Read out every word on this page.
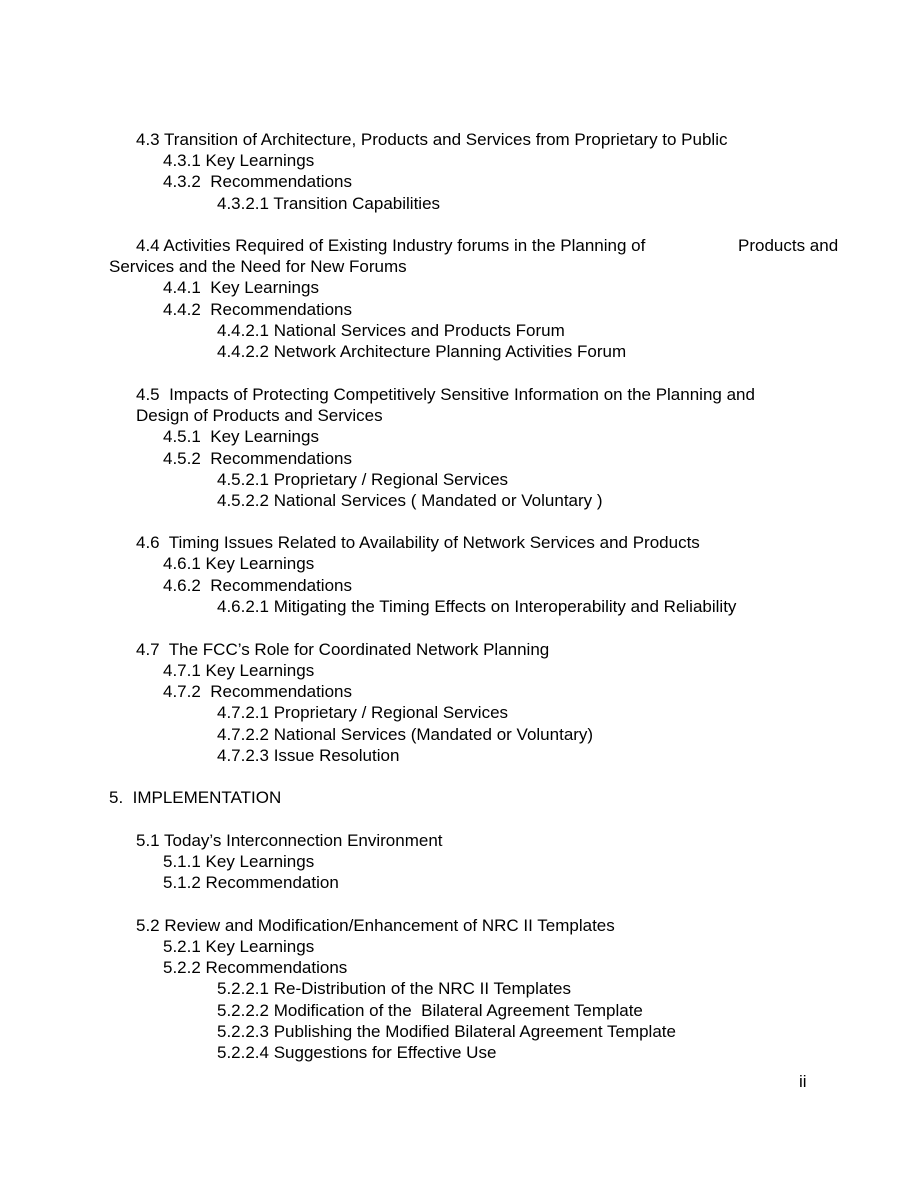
4.3 Transition of Architecture, Products and Services from Proprietary to Public
4.3.1 Key Learnings
4.3.2  Recommendations
4.3.2.1 Transition Capabilities
4.4 Activities Required of Existing Industry forums in the Planning of	Products and
Services and the Need for New Forums
4.4.1  Key Learnings
4.4.2  Recommendations
4.4.2.1 National Services and Products Forum
4.4.2.2 Network Architecture Planning Activities Forum
4.5  Impacts of Protecting Competitively Sensitive Information on the Planning and
Design of Products and Services
4.5.1  Key Learnings
4.5.2  Recommendations
4.5.2.1 Proprietary / Regional Services
4.5.2.2 National Services ( Mandated or Voluntary )
4.6  Timing Issues Related to Availability of Network Services and Products
4.6.1 Key Learnings
4.6.2  Recommendations
4.6.2.1 Mitigating the Timing Effects on Interoperability and Reliability
4.7  The FCC’s Role for Coordinated Network Planning
4.7.1 Key Learnings
4.7.2  Recommendations
4.7.2.1 Proprietary / Regional Services
4.7.2.2 National Services (Mandated or Voluntary)
4.7.2.3 Issue Resolution
5.  IMPLEMENTATION
5.1 Today’s Interconnection Environment
5.1.1 Key Learnings
5.1.2 Recommendation
5.2 Review and Modification/Enhancement of NRC II Templates
5.2.1 Key Learnings
5.2.2 Recommendations
5.2.2.1 Re-Distribution of the NRC II Templates
5.2.2.2 Modification of the  Bilateral Agreement Template
5.2.2.3 Publishing the Modified Bilateral Agreement Template
5.2.2.4 Suggestions for Effective Use
ii
